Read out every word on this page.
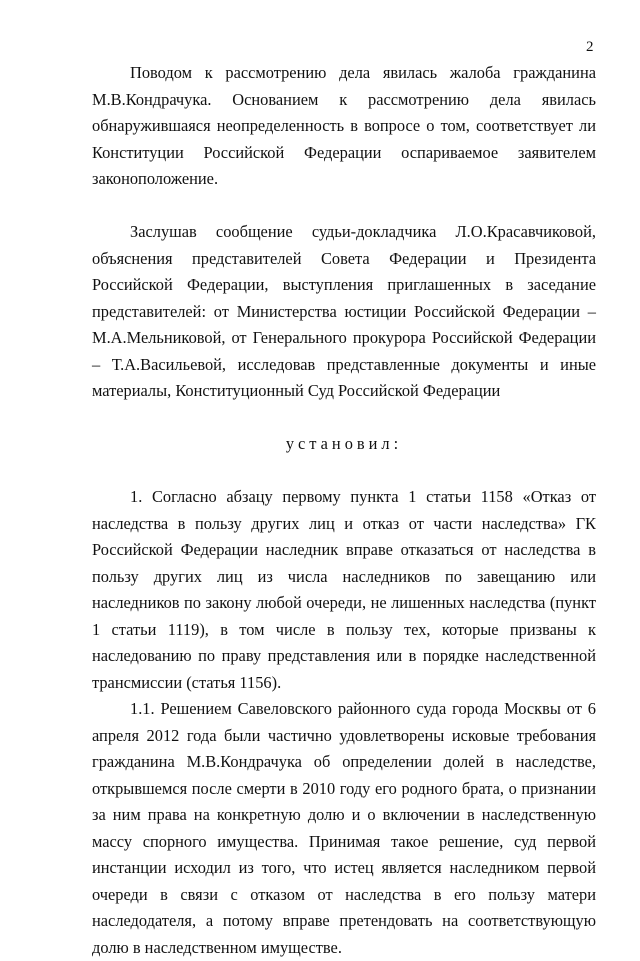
2

Поводом к рассмотрению дела явилась жалоба гражданина М.В.Кондрачука. Основанием к рассмотрению дела явилась обнаружившаяся неопределенность в вопросе о том, соответствует ли Конституции Российской Федерации оспариваемое заявителем законоположение.

Заслушав сообщение судьи-докладчика Л.О.Красавчиковой, объяснения представителей Совета Федерации и Президента Российской Федерации, выступления приглашенных в заседание представителей: от Министерства юстиции Российской Федерации – М.А.Мельниковой, от Генерального прокурора Российской Федерации – Т.А.Васильевой, исследовав представленные документы и иные материалы, Конституционный Суд Российской Федерации

установил:

1. Согласно абзацу первому пункта 1 статьи 1158 «Отказ от наследства в пользу других лиц и отказ от части наследства» ГК Российской Федерации наследник вправе отказаться от наследства в пользу других лиц из числа наследников по завещанию или наследников по закону любой очереди, не лишенных наследства (пункт 1 статьи 1119), в том числе в пользу тех, которые призваны к наследованию по праву представления или в порядке наследственной трансмиссии (статья 1156).

1.1. Решением Савеловского районного суда города Москвы от 6 апреля 2012 года были частично удовлетворены исковые требования гражданина М.В.Кондрачука об определении долей в наследстве, открывшемся после смерти в 2010 году его родного брата, о признании за ним права на конкретную долю и о включении в наследственную массу спорного имущества. Принимая такое решение, суд первой инстанции исходил из того, что истец является наследником первой очереди в связи с отказом от наследства в его пользу матери наследодателя, а потому вправе претендовать на соответствующую долю в наследственном имуществе.
